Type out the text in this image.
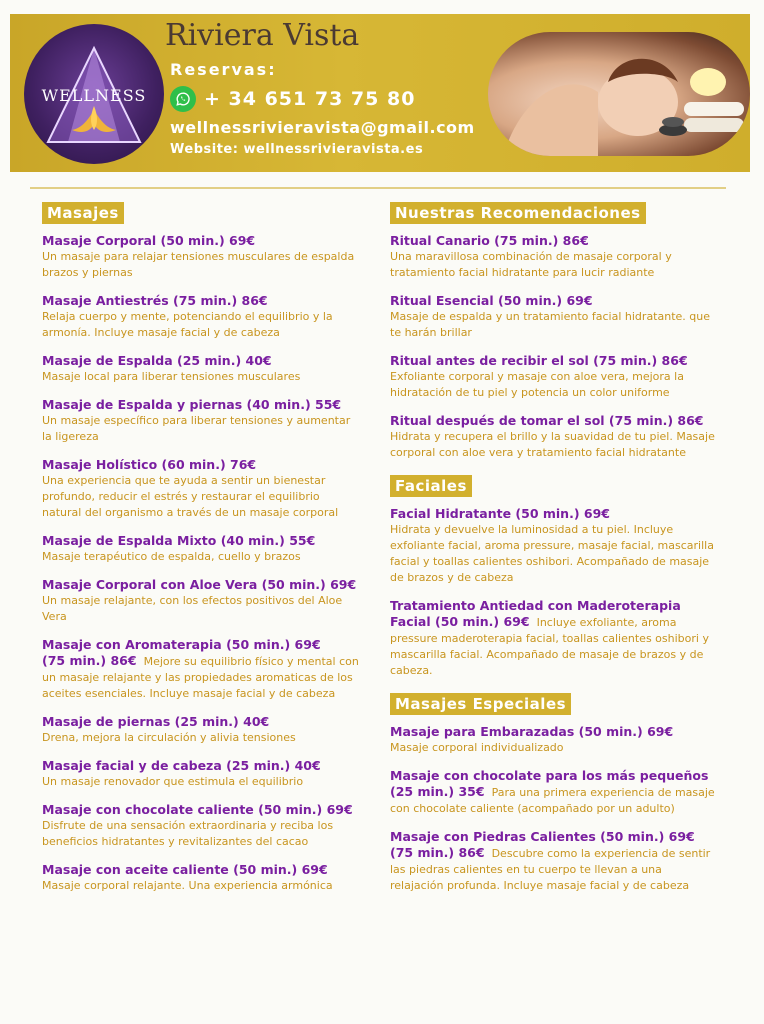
WELLNESS
Riviera Vista
Reservas:
+ 34 651 73 75 80
wellnessrivieravista@gmail.com
Website: wellnessrivieravista.es
Masajes
Masaje Corporal (50 min.) 69€
Un masaje para relajar tensiones musculares de espalda brazos y piernas
Masaje Antiestrés (75 min.) 86€
Relaja cuerpo y mente, potenciando el equilibrio y la armonía. Incluye masaje facial y de cabeza
Masaje de Espalda (25 min.) 40€
Masaje local para liberar tensiones musculares
Masaje de Espalda y piernas (40 min.) 55€
Un masaje específico para liberar tensiones y aumentar la ligereza
Masaje Holístico (60 min.) 76€
Una experiencia que te ayuda a sentir un bienestar profundo, reducir el estrés y restaurar el equilibrio natural del organismo a través de un masaje corporal
Masaje de Espalda Mixto (40 min.) 55€
Masaje terapéutico de espalda, cuello y brazos
Masaje Corporal con Aloe Vera (50 min.) 69€
Un masaje relajante, con los efectos positivos del Aloe Vera
Masaje con Aromaterapia (50 min.) 69€
(75 min.) 86€ Mejore su equilibrio físico y mental con un masaje relajante y las propiedades aromaticas de los aceites esenciales. Incluye masaje facial y de cabeza
Masaje de piernas (25 min.) 40€
Drena, mejora la circulación y alivia tensiones
Masaje facial y de cabeza (25 min.) 40€
Un masaje renovador que estimula el equilibrio
Masaje con chocolate caliente (50 min.) 69€
Disfrute de una sensación extraordinaria y reciba los beneficios hidratantes y revitalizantes del cacao
Masaje con aceite caliente (50 min.) 69€
Masaje corporal relajante. Una experiencia armónica
Nuestras Recomendaciones
Ritual Canario (75 min.) 86€
Una maravillosa combinación de masaje corporal y tratamiento facial hidratante para lucir radiante
Ritual Esencial (50 min.) 69€
Masaje de espalda y un tratamiento facial hidratante. que te harán brillar
Ritual antes de recibir el sol (75 min.) 86€
Exfoliante corporal y masaje con aloe vera, mejora la hidratación de tu piel y potencia un color uniforme
Ritual después de tomar el sol (75 min.) 86€
Hidrata y recupera el brillo y la suavidad de tu piel. Masaje corporal con aloe vera y tratamiento facial hidratante
Faciales
Facial Hidratante (50 min.) 69€
Hidrata y devuelve la luminosidad a tu piel. Incluye exfoliante facial, aroma pressure, masaje facial, mascarilla facial y toallas calientes oshibori. Acompañado de masaje de brazos y de cabeza
Tratamiento Antiedad con Maderoterapia
Facial (50 min.) 69€ Incluye exfoliante, aroma pressure maderoterapia facial, toallas calientes oshibori y mascarilla facial. Acompañado de masaje de brazos y de cabeza.
Masajes Especiales
Masaje para Embarazadas (50 min.) 69€
Masaje corporal individualizado
Masaje con chocolate para los más pequeños
(25 min.) 35€ Para una primera experiencia de masaje con chocolate caliente (acompañado por un adulto)
Masaje con Piedras Calientes (50 min.) 69€
(75 min.) 86€ Descubre como la experiencia de sentir las piedras calientes en tu cuerpo te llevan a una relajación profunda. Incluye masaje facial y de cabeza
